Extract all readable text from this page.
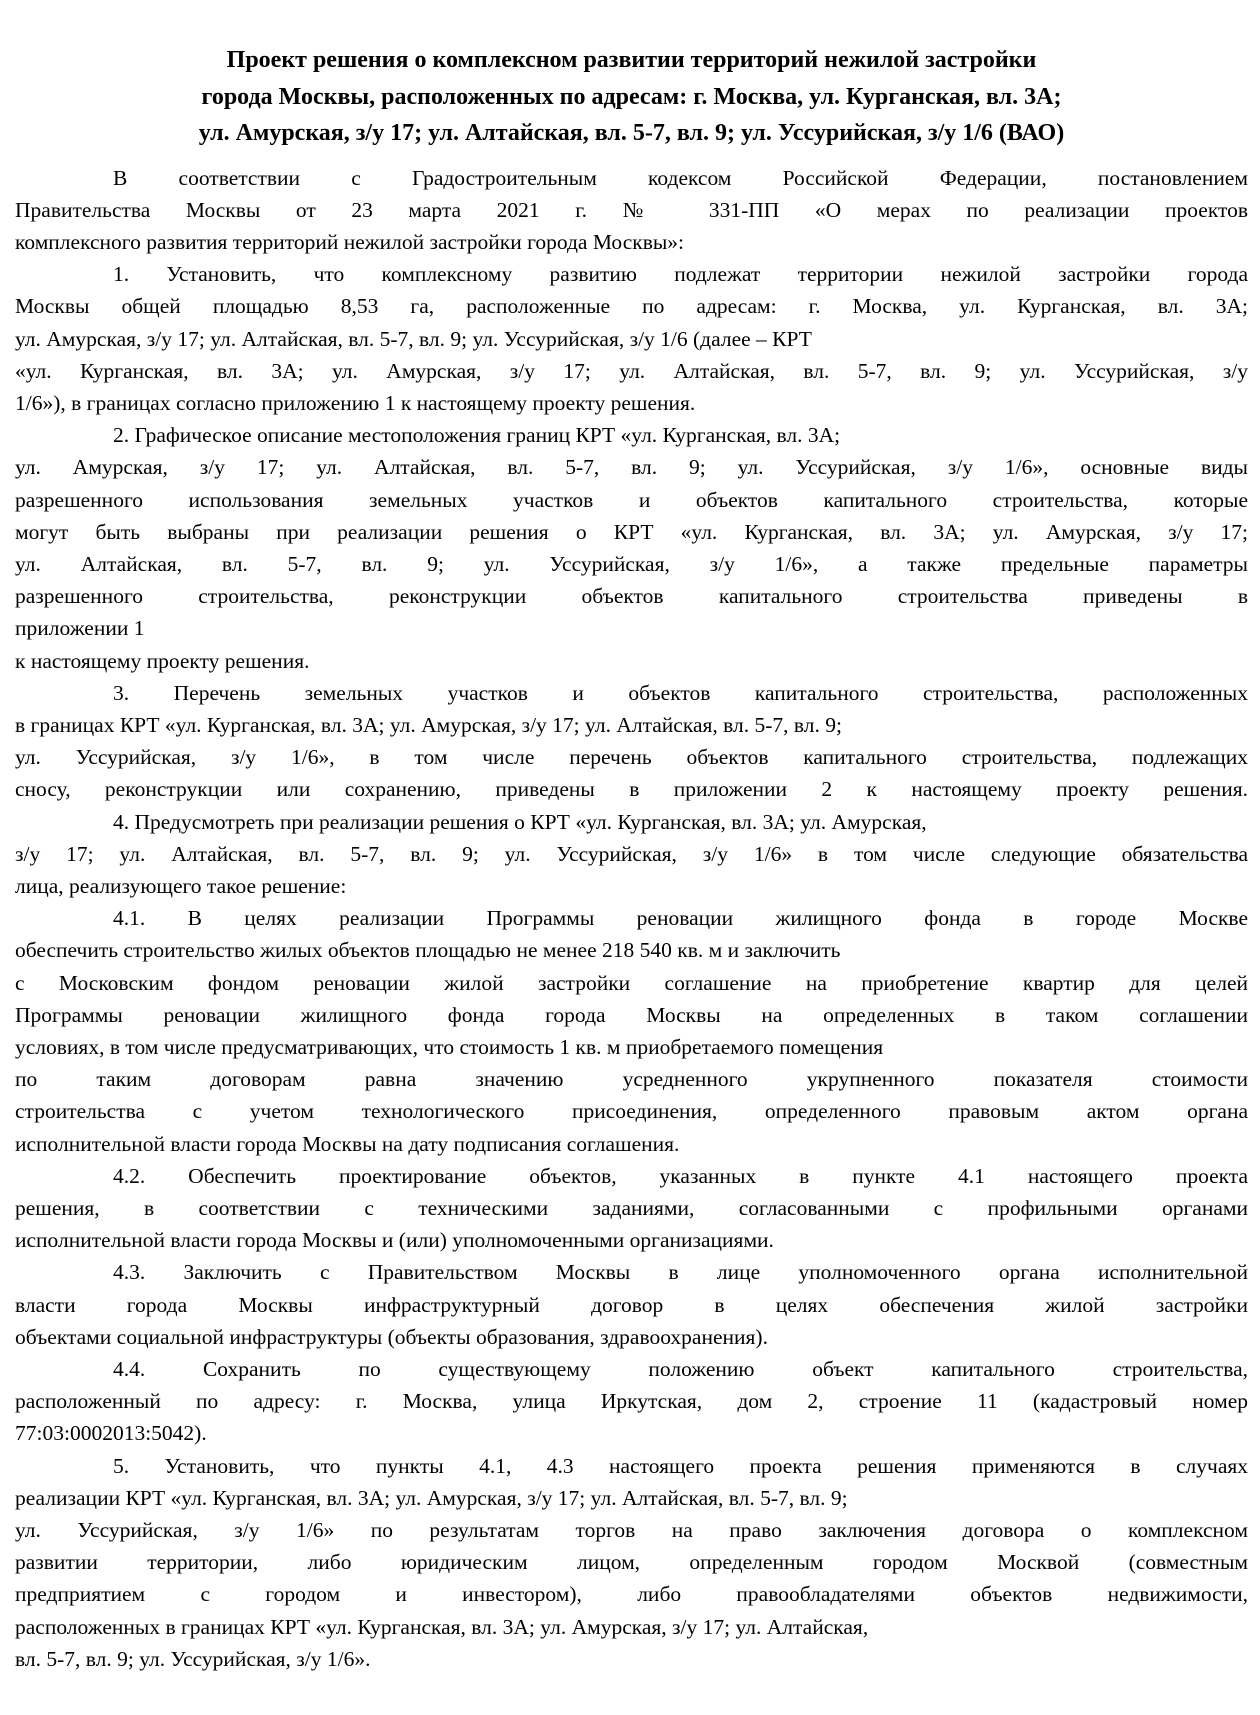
Проект решения о комплексном развитии территорий нежилой застройки
города Москвы, расположенных по адресам: г. Москва, ул. Курганская, вл. 3А;
ул. Амурская, з/у 17; ул. Алтайская, вл. 5-7, вл. 9; ул. Уссурийская, з/у 1/6 (ВАО)
В соответствии с Градостроительным кодексом Российской Федерации, постановлением
Правительства Москвы от 23 марта 2021 г. № 331-ПП «О мерах по реализации проектов
комплексного развития территорий нежилой застройки города Москвы»:
1. Установить, что комплексному развитию подлежат территории нежилой застройки города
Москвы общей площадью 8,53 га, расположенные по адресам: г. Москва, ул. Курганская, вл. 3А;
ул. Амурская, з/у 17; ул. Алтайская, вл. 5-7, вл. 9; ул. Уссурийская, з/у 1/6 (далее – КРТ
«ул. Курганская, вл. 3А; ул. Амурская, з/у 17; ул. Алтайская, вл. 5-7, вл. 9; ул. Уссурийская, з/у
1/6»), в границах согласно приложению 1 к настоящему проекту решения.
2. Графическое описание местоположения границ КРТ «ул. Курганская, вл. 3А;
ул. Амурская, з/у 17; ул. Алтайская, вл. 5-7, вл. 9; ул. Уссурийская, з/у 1/6», основные виды
разрешенного использования земельных участков и объектов капитального строительства, которые
могут быть выбраны при реализации решения о КРТ «ул. Курганская, вл. 3А; ул. Амурская, з/у 17;
ул. Алтайская, вл. 5-7, вл. 9; ул. Уссурийская, з/у 1/6», а также предельные параметры
разрешенного строительства, реконструкции объектов капитального строительства приведены в
приложении 1
к настоящему проекту решения.
3. Перечень земельных участков и объектов капитального строительства, расположенных
в границах КРТ «ул. Курганская, вл. 3А; ул. Амурская, з/у 17; ул. Алтайская, вл. 5-7, вл. 9;
ул. Уссурийская, з/у 1/6», в том числе перечень объектов капитального строительства, подлежащих
сносу, реконструкции или сохранению, приведены в приложении 2 к настоящему проекту решения.
4. Предусмотреть при реализации решения о КРТ «ул. Курганская, вл. 3А; ул. Амурская,
з/у 17; ул. Алтайская, вл. 5-7, вл. 9; ул. Уссурийская, з/у 1/6» в том числе следующие обязательства
лица, реализующего такое решение:
4.1. В целях реализации Программы реновации жилищного фонда в городе Москве
обеспечить строительство жилых объектов площадью не менее 218 540 кв. м и заключить
с Московским фондом реновации жилой застройки соглашение на приобретение квартир для целей
Программы реновации жилищного фонда города Москвы на определенных в таком соглашении
условиях, в том числе предусматривающих, что стоимость 1 кв. м приобретаемого помещения
по таким договорам равна значению усредненного укрупненного показателя стоимости
строительства с учетом технологического присоединения, определенного правовым актом органа
исполнительной власти города Москвы на дату подписания соглашения.
4.2. Обеспечить проектирование объектов, указанных в пункте 4.1 настоящего проекта
решения, в соответствии с техническими заданиями, согласованными с профильными органами
исполнительной власти города Москвы и (или) уполномоченными организациями.
4.3. Заключить с Правительством Москвы в лице уполномоченного органа исполнительной
власти города Москвы инфраструктурный договор в целях обеспечения жилой застройки
объектами социальной инфраструктуры (объекты образования, здравоохранения).
4.4. Сохранить по существующему положению объект капитального строительства,
расположенный по адресу: г. Москва, улица Иркутская, дом 2, строение 11 (кадастровый номер
77:03:0002013:5042).
5. Установить, что пункты 4.1, 4.3 настоящего проекта решения применяются в случаях
реализации КРТ «ул. Курганская, вл. 3А; ул. Амурская, з/у 17; ул. Алтайская, вл. 5-7, вл. 9;
ул. Уссурийская, з/у 1/6» по результатам торгов на право заключения договора о комплексном
развитии территории, либо юридическим лицом, определенным городом Москвой (совместным
предприятием с городом и инвестором), либо правообладателями объектов недвижимости,
расположенных в границах КРТ «ул. Курганская, вл. 3А; ул. Амурская, з/у 17; ул. Алтайская,
вл. 5-7, вл. 9; ул. Уссурийская, з/у 1/6».
